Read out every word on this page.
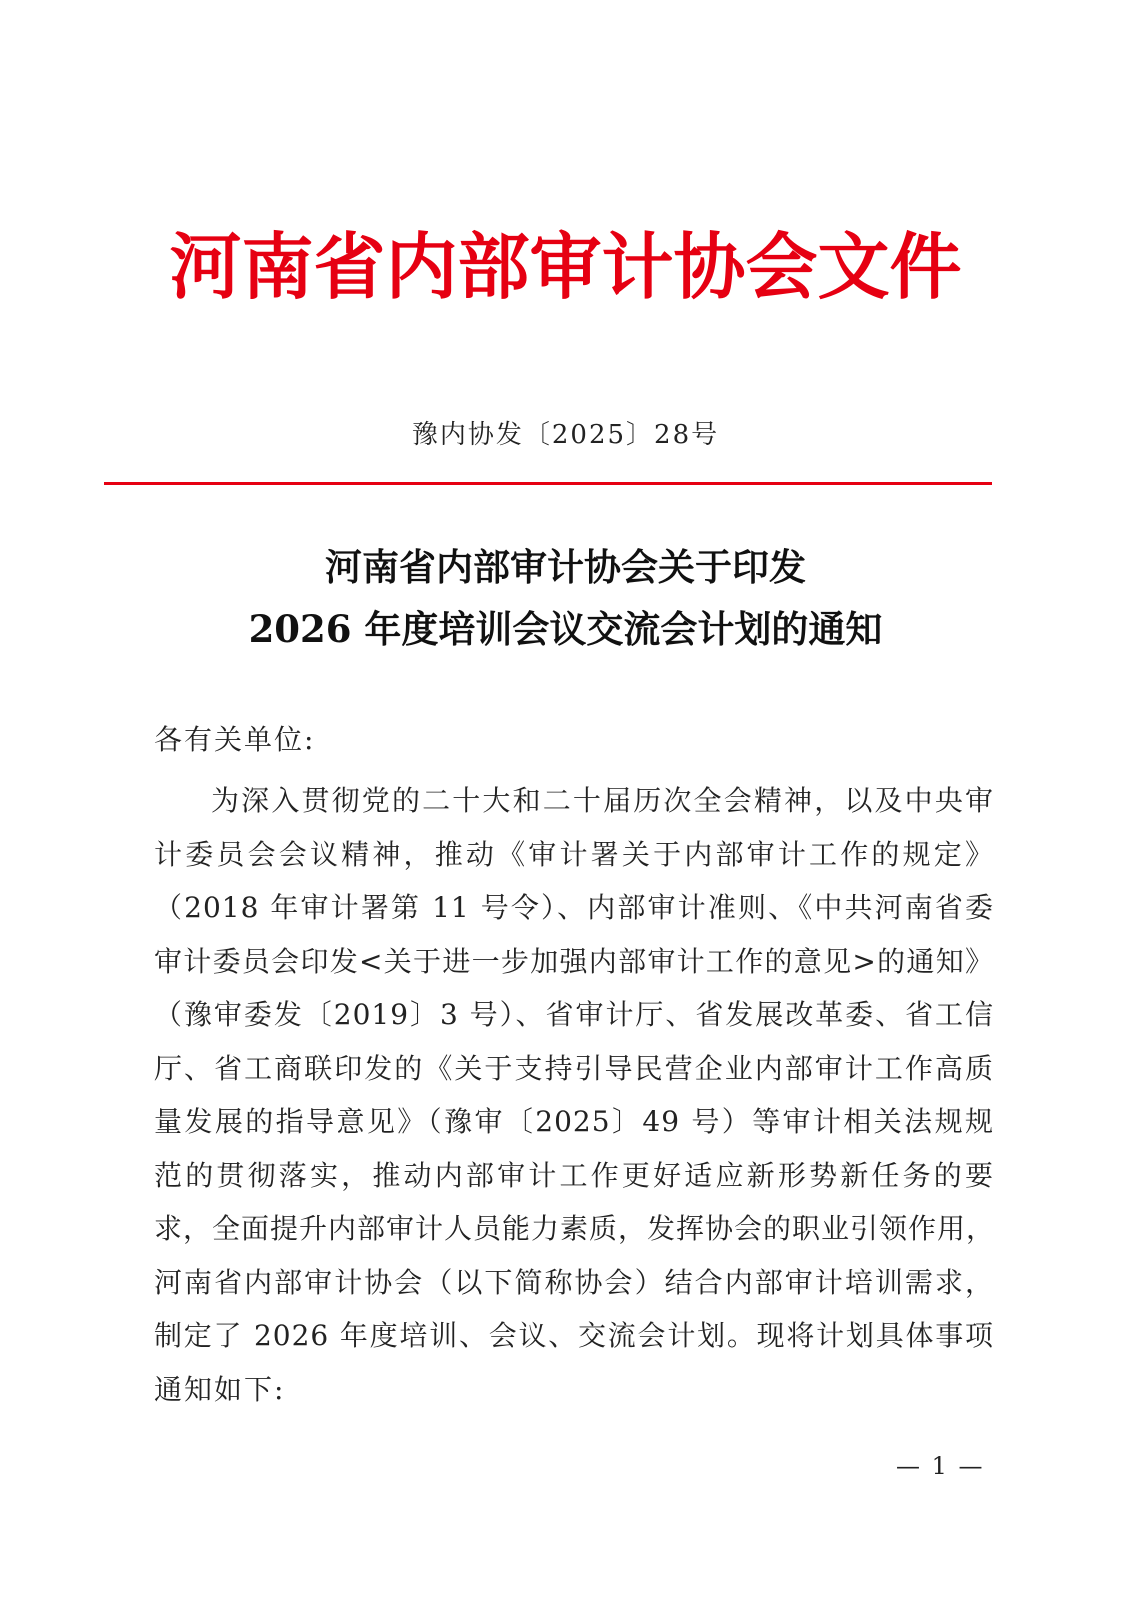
河南省内部审计协会文件
豫内协发〔2025〕28号
河南省内部审计协会关于印发
2026 年度培训会议交流会计划的通知
各有关单位:
为深入贯彻党的二十大和二十届历次全会精神，以及中央审
计委员会会议精神，推动《审计署关于内部审计工作的规定》
（2018 年审计署第 11 号令）、内部审计准则、《中共河南省委
审计委员会印发<关于进一步加强内部审计工作的意见>的通知》
（豫审委发〔2019〕3 号）、省审计厅、省发展改革委、省工信
厅、省工商联印发的《关于支持引导民营企业内部审计工作高质
量发展的指导意见》（豫审〔2025〕49 号）等审计相关法规规
范的贯彻落实，推动内部审计工作更好适应新形势新任务的要
求，全面提升内部审计人员能力素质，发挥协会的职业引领作用，
河南省内部审计协会（以下简称协会）结合内部审计培训需求，
制定了 2026 年度培训、会议、交流会计划。现将计划具体事项
通知如下:
— 1 —
